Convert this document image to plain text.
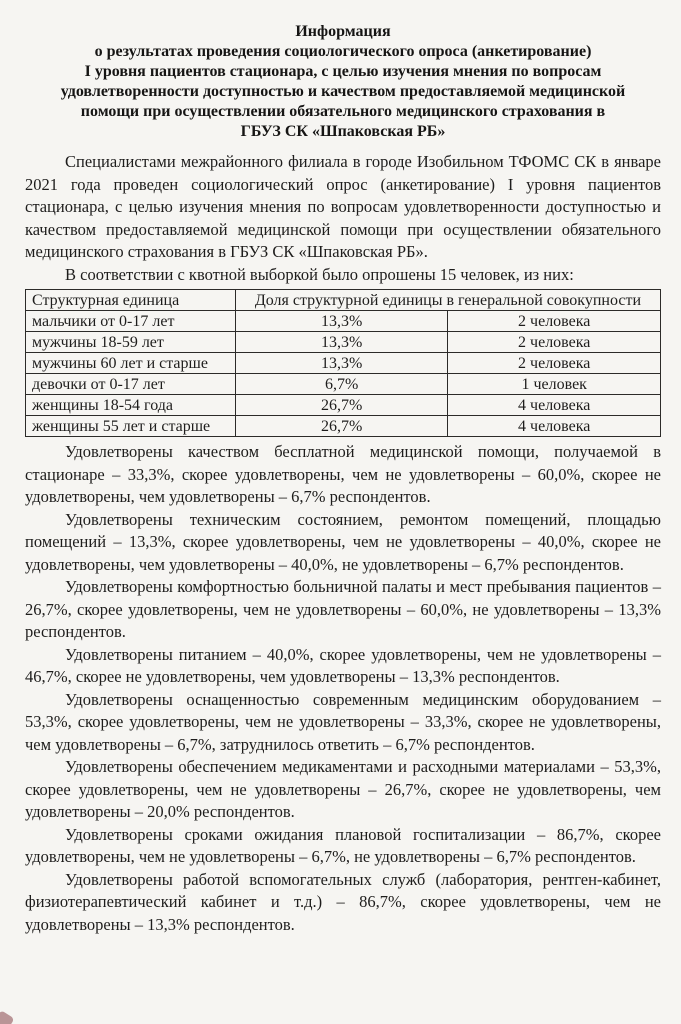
Информация
о результатах проведения социологического опроса (анкетирование)
I уровня пациентов стационара, с целью изучения мнения по вопросам
удовлетворенности доступностью и качеством предоставляемой медицинской
помощи при осуществлении обязательного медицинского страхования в
ГБУЗ СК «Шпаковская РБ»

Специалистами межрайонного филиала в городе Изобильном ТФОМС СК в январе 2021 года проведен социологический опрос (анкетирование) I уровня пациентов стационара, с целью изучения мнения по вопросам удовлетворенности доступностью и качеством предоставляемой медицинской помощи при осуществлении обязательного медицинского страхования в ГБУЗ СК «Шпаковская РБ».

В соответствии с квотной выборкой было опрошены 15 человек, из них:

Структурная единица	Доля структурной единицы в генеральной совокупности	
мальчики от 0-17 лет	13,3%	2 человека
мужчины 18-59 лет	13,3%	2 человека
мужчины 60 лет и старше	13,3%	2 человека
девочки от 0-17 лет	6,7%	1 человек
женщины 18-54 года	26,7%	4 человека
женщины 55 лет и старше	26,7%	4 человека

Удовлетворены качеством бесплатной медицинской помощи, получаемой в стационаре – 33,3%, скорее удовлетворены, чем не удовлетворены – 60,0%, скорее не удовлетворены, чем удовлетворены – 6,7% респондентов.

Удовлетворены техническим состоянием, ремонтом помещений, площадью помещений – 13,3%, скорее удовлетворены, чем не удовлетворены – 40,0%, скорее не удовлетворены, чем удовлетворены – 40,0%, не удовлетворены – 6,7% респондентов.

Удовлетворены комфортностью больничной палаты и мест пребывания пациентов – 26,7%, скорее удовлетворены, чем не удовлетворены – 60,0%, не удовлетворены – 13,3% респондентов.

Удовлетворены питанием – 40,0%, скорее удовлетворены, чем не удовлетворены – 46,7%, скорее не удовлетворены, чем удовлетворены – 13,3% респондентов.

Удовлетворены оснащенностью современным медицинским оборудованием – 53,3%, скорее удовлетворены, чем не удовлетворены – 33,3%, скорее не удовлетворены, чем удовлетворены – 6,7%, затруднилось ответить – 6,7% респондентов.

Удовлетворены обеспечением медикаментами и расходными материалами – 53,3%, скорее удовлетворены, чем не удовлетворены – 26,7%, скорее не удовлетворены, чем удовлетворены – 20,0% респондентов.

Удовлетворены сроками ожидания плановой госпитализации – 86,7%, скорее удовлетворены, чем не удовлетворены – 6,7%, не удовлетворены – 6,7% респондентов.

Удовлетворены работой вспомогательных служб (лаборатория, рентген-кабинет, физиотерапевтический кабинет и т.д.) – 86,7%, скорее удовлетворены, чем не удовлетворены – 13,3% респондентов.
